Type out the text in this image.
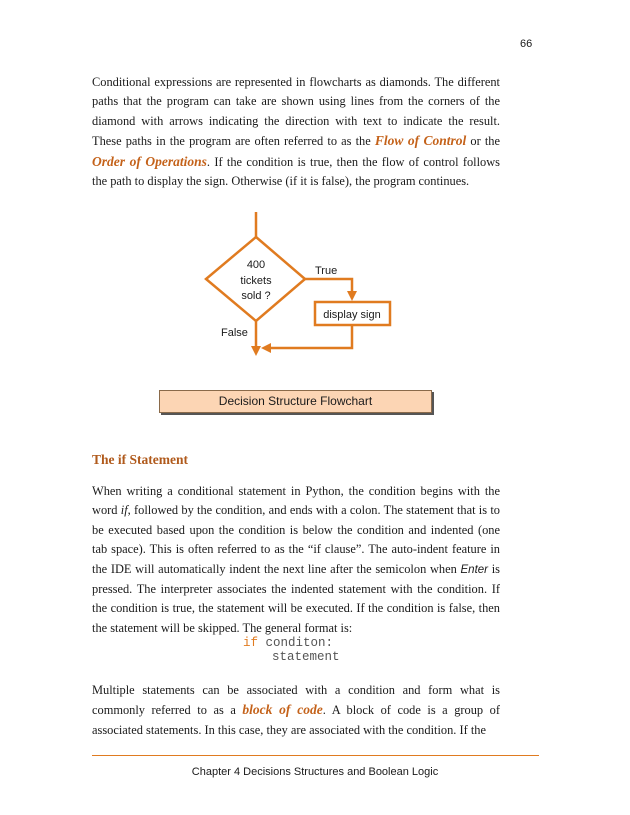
66

Conditional expressions are represented in flowcharts as diamonds. The different paths that the program can take are shown using lines from the corners of the diamond with arrows indicating the direction with text to indicate the result. These paths in the program are often referred to as the Flow of Control or the Order of Operations. If the condition is true, then the flow of control follows the path to display the sign. Otherwise (if it is false), the program continues.

400
tickets
sold ?
True
False
display sign
Decision Structure Flowchart
The if Statement

When writing a conditional statement in Python, the condition begins with the word if, followed by the condition, and ends with a colon. The statement that is to be executed based upon the condition is below the condition and indented (one tab space). This is often referred to as the “if clause”. The auto-indent feature in the IDE will automatically indent the next line after the semicolon when Enter is pressed. The interpreter associates the indented statement with the condition. If the condition is true, the statement will be executed. If the condition is false, then the statement will be skipped. The general format is:

if conditon:
statement

Multiple statements can be associated with a condition and form what is commonly referred to as a block of code. A block of code is a group of associated statements. In this case, they are associated with the condition. If the

Chapter 4 Decisions Structures and Boolean Logic
